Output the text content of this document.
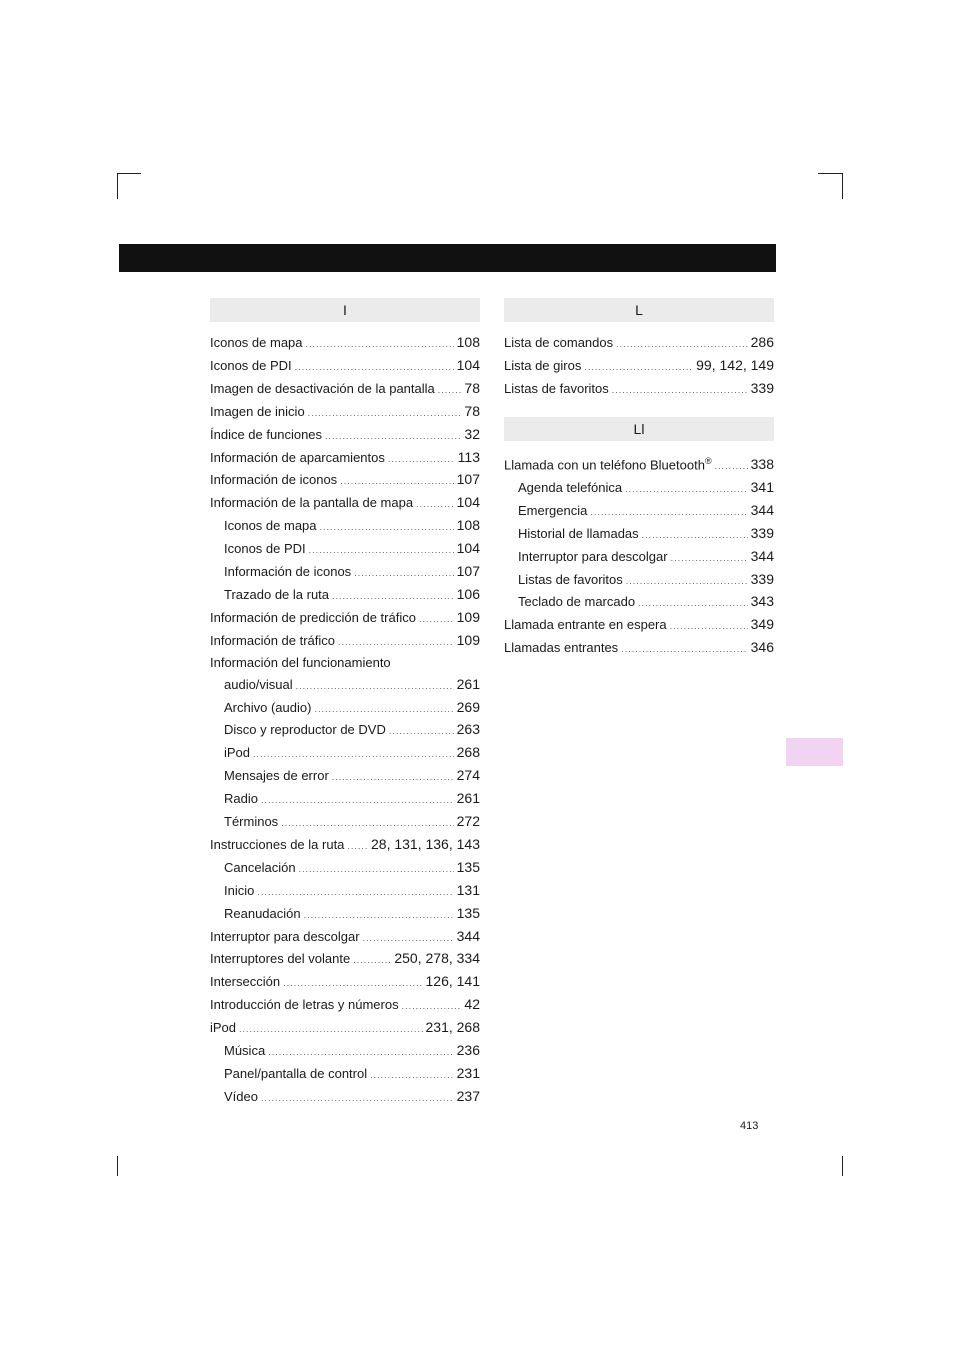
I
Iconos de mapa .....	108
Iconos de PDI .....	104
Imagen de desactivación de la pantalla ..... 78
Imagen de inicio .....	78
Índice de funciones .....	32
Información de aparcamientos .....	113
Información de iconos .....	107
Información de la pantalla de mapa .....	104
Iconos de mapa .....	108
Iconos de PDI .....	104
Información de iconos .....	107
Trazado de la ruta .....	106
Información de predicción de tráfico .....	109
Información de tráfico .....	109
Información del funcionamiento
audio/visual .....	261
Archivo (audio) .....	269
Disco y reproductor de DVD .....	263
iPod .....	268
Mensajes de error .....	274
Radio .....	261
Términos .....	272
Instrucciones de la ruta ..... 28, 131, 136, 143
Cancelación .....	135
Inicio .....	131
Reanudación .....	135
Interruptor para descolgar .....	344
Interruptores del volante .....	250, 278, 334
Intersección .....	126, 141
Introducción de letras y números .....	42
iPod .....	231, 268
Música .....	236
Panel/pantalla de control .....	231
Vídeo .....	237
L
Lista de comandos .....	286
Lista de giros .....	99, 142, 149
Listas de favoritos .....	339
Ll
Llamada con un teléfono Bluetooth® .....	338
Agenda telefónica .....	341
Emergencia .....	344
Historial de llamadas .....	339
Interruptor para descolgar .....	344
Listas de favoritos .....	339
Teclado de marcado .....	343
Llamada entrante en espera .....	349
Llamadas entrantes .....	346
413
